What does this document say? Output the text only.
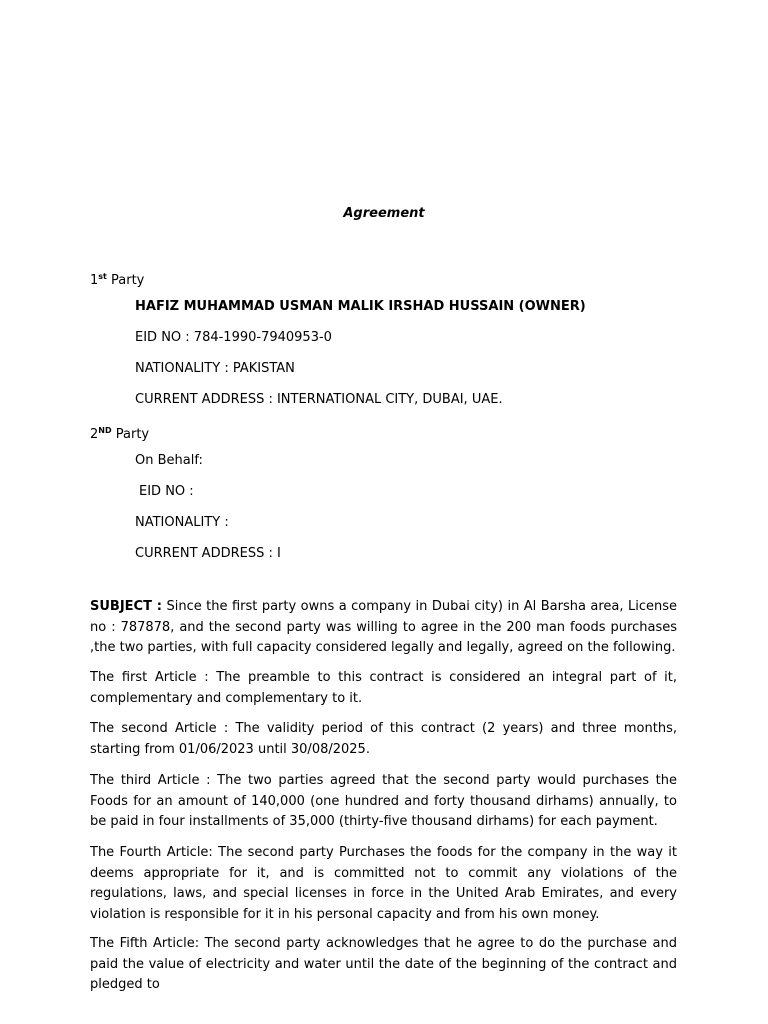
Agreement
1st Party
HAFIZ MUHAMMAD USMAN MALIK IRSHAD HUSSAIN (OWNER)
EID NO : 784-1990-7940953-0
NATIONALITY : PAKISTAN
CURRENT ADDRESS : INTERNATIONAL CITY, DUBAI, UAE.
2ND Party
On Behalf:
EID NO :
NATIONALITY :
CURRENT ADDRESS : I
SUBJECT : Since the first party owns a company in Dubai city) in Al Barsha area, License no : 787878, and the second party was willing to agree in the 200 man foods purchases ,the two parties, with full capacity considered legally and legally, agreed on the following.
The first Article : The preamble to this contract is considered an integral part of it, complementary and complementary to it.
The second Article : The validity period of this contract (2 years) and three months, starting from 01/06/2023 until 30/08/2025.
The third Article : The two parties agreed that the second party would purchases the Foods for an amount of 140,000 (one hundred and forty thousand dirhams) annually, to be paid in four installments of 35,000 (thirty-five thousand dirhams) for each payment.
The Fourth Article: The second party Purchases the foods for the company in the way it deems appropriate for it, and is committed not to commit any violations of the regulations, laws, and special licenses in force in the United Arab Emirates, and every violation is responsible for it in his personal capacity and from his own money.
The Fifth Article: The second party acknowledges that he agree to do the purchase and paid the value of electricity and water until the date of the beginning of the contract and pledged to
